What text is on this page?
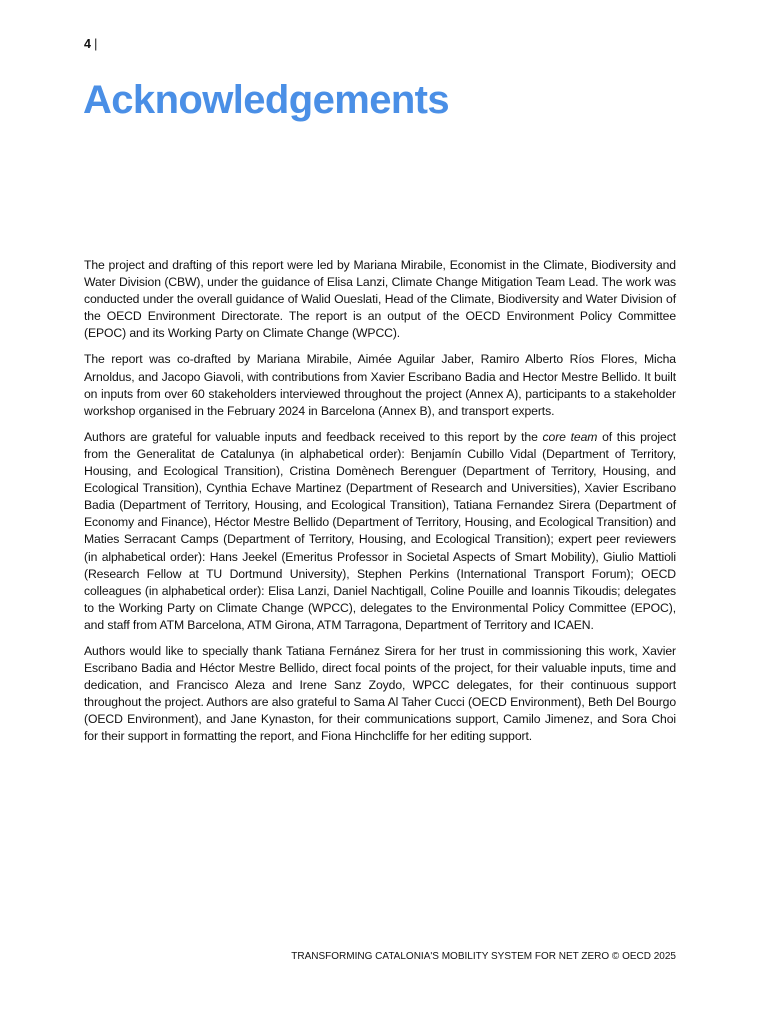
4 |
Acknowledgements

The project and drafting of this report were led by Mariana Mirabile, Economist in the Climate, Biodiversity and Water Division (CBW), under the guidance of Elisa Lanzi, Climate Change Mitigation Team Lead. The work was conducted under the overall guidance of Walid Oueslati, Head of the Climate, Biodiversity and Water Division of the OECD Environment Directorate. The report is an output of the OECD Environment Policy Committee (EPOC) and its Working Party on Climate Change (WPCC).

The report was co-drafted by Mariana Mirabile, Aimée Aguilar Jaber, Ramiro Alberto Ríos Flores, Micha Arnoldus, and Jacopo Giavoli, with contributions from Xavier Escribano Badia and Hector Mestre Bellido. It built on inputs from over 60 stakeholders interviewed throughout the project (Annex A), participants to a stakeholder workshop organised in the February 2024 in Barcelona (Annex B), and transport experts.

Authors are grateful for valuable inputs and feedback received to this report by the core team of this project from the Generalitat de Catalunya (in alphabetical order): Benjamín Cubillo Vidal (Department of Territory, Housing, and Ecological Transition), Cristina Domènech Berenguer (Department of Territory, Housing, and Ecological Transition), Cynthia Echave Martinez (Department of Research and Universities), Xavier Escribano Badia (Department of Territory, Housing, and Ecological Transition), Tatiana Fernandez Sirera (Department of Economy and Finance), Héctor Mestre Bellido (Department of Territory, Housing, and Ecological Transition) and Maties Serracant Camps (Department of Territory, Housing, and Ecological Transition); expert peer reviewers (in alphabetical order): Hans Jeekel (Emeritus Professor in Societal Aspects of Smart Mobility), Giulio Mattioli (Research Fellow at TU Dortmund University), Stephen Perkins (International Transport Forum); OECD colleagues (in alphabetical order): Elisa Lanzi, Daniel Nachtigall, Coline Pouille and Ioannis Tikoudis; delegates to the Working Party on Climate Change (WPCC), delegates to the Environmental Policy Committee (EPOC), and staff from ATM Barcelona, ATM Girona, ATM Tarragona, Department of Territory and ICAEN.

Authors would like to specially thank Tatiana Fernánez Sirera for her trust in commissioning this work, Xavier Escribano Badia and Héctor Mestre Bellido, direct focal points of the project, for their valuable inputs, time and dedication, and Francisco Aleza and Irene Sanz Zoydo, WPCC delegates, for their continuous support throughout the project. Authors are also grateful to Sama Al Taher Cucci (OECD Environment), Beth Del Bourgo (OECD Environment), and Jane Kynaston, for their communications support, Camilo Jimenez, and Sora Choi for their support in formatting the report, and Fiona Hinchcliffe for her editing support.

TRANSFORMING CATALONIA'S MOBILITY SYSTEM FOR NET ZERO © OECD 2025
